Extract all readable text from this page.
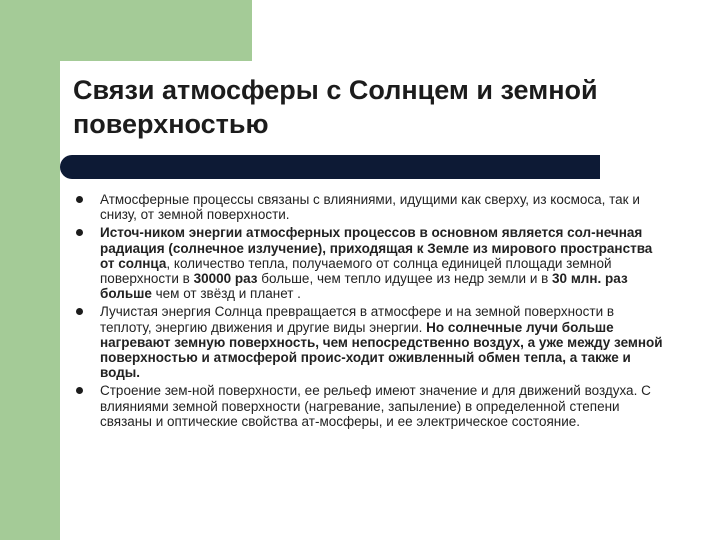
Связи атмосферы с Солнцем и земной поверхностью
Атмосферные процессы связаны с влияниями, идущими как сверху, из космоса, так и снизу, от земной поверхности.
Источ-ником энергии атмосферных процессов в основном является сол-нечная радиация (солнечное излучение), приходящая к Земле из мирового пространства от солнца, количество тепла, получаемого от солнца единицей площади земной поверхности в 30000 раз больше, чем тепло идущее из недр земли и в 30 млн. раз больше чем от звёзд и планет .
Лучистая энергия Солнца превращается в атмосфере и на земной поверхности в теплоту, энергию движения и другие виды энергии. Но солнечные лучи больше нагревают земную поверхность, чем непосредственно воздух, а уже между земной поверхностью и атмосферой проис-ходит оживленный обмен тепла, а также и воды.
Строение зем-ной поверхности, ее рельеф имеют значение и для движений воздуха. С влияниями земной поверхности (нагревание, запыление) в определенной степени связаны и оптические свойства ат-мосферы, и ее электрическое состояние.
